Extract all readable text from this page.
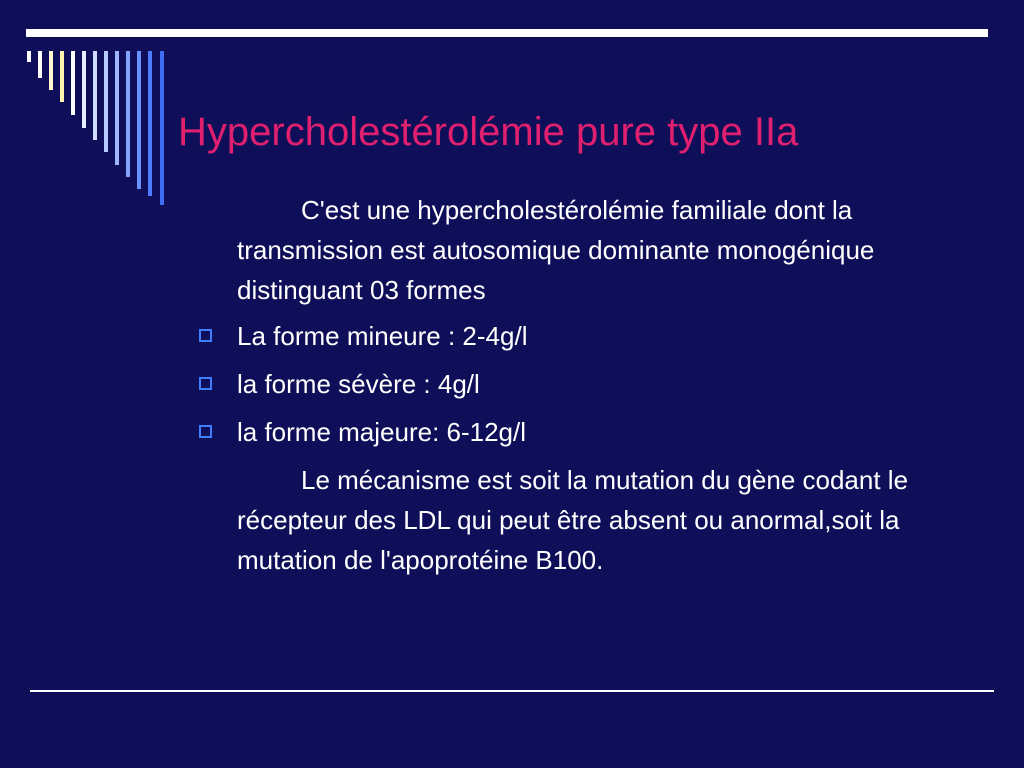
Hypercholestérolémie pure type IIa
C'est une hypercholestérolémie familiale dont la transmission est autosomique dominante monogénique distinguant 03 formes
La forme mineure : 2-4g/l
la forme sévère : 4g/l
la forme majeure: 6-12g/l
Le mécanisme est soit la mutation du gène codant le récepteur des LDL qui peut être absent ou anormal,soit la mutation de l'apoprotéine B100.
